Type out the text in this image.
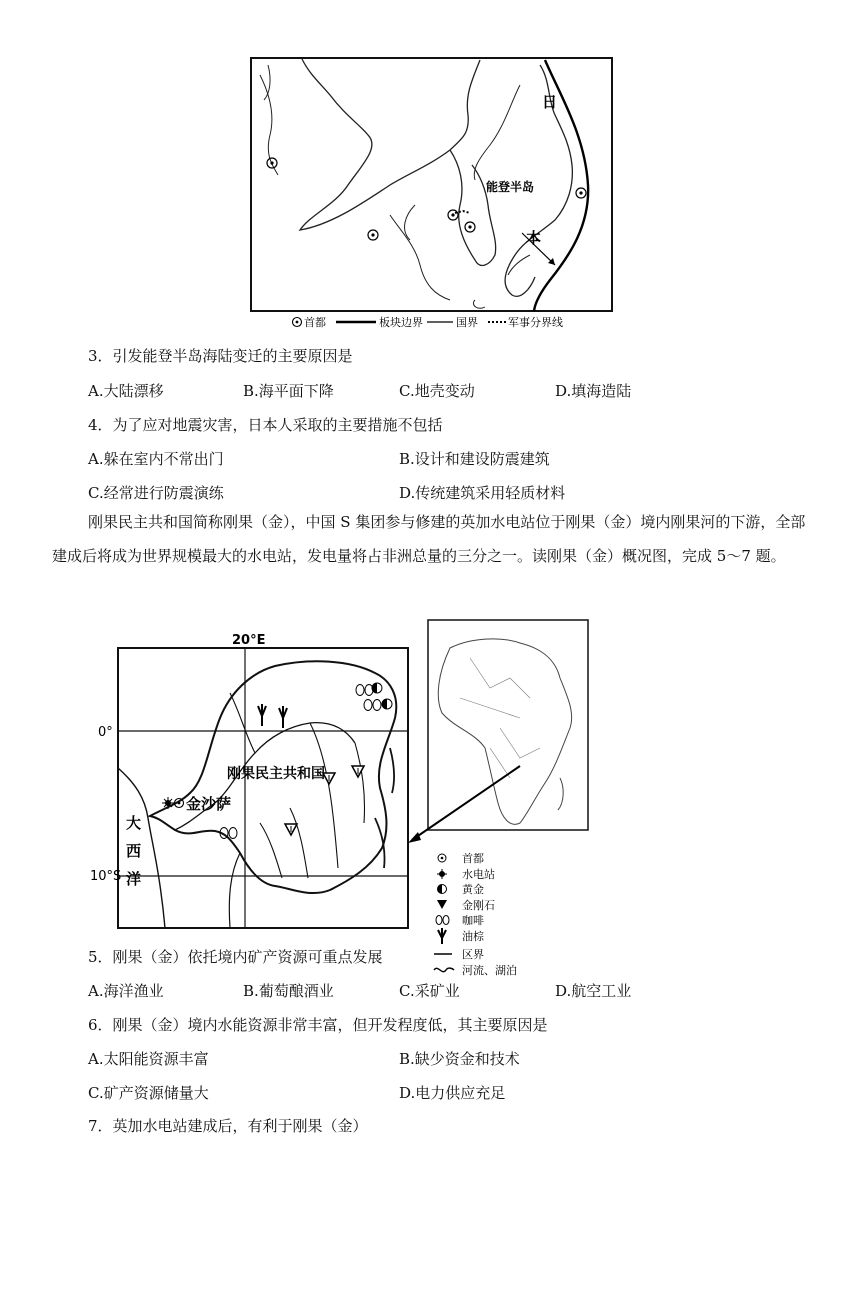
日
能登半岛
本
首都	板块边界	国界	军事分界线
3．引发能登半岛海陆变迁的主要原因是
A.大陆漂移	B.海平面下降	C.地壳变动	D.填海造陆
4．为了应对地震灾害，日本人采取的主要措施不包括
A.躲在室内不常出门	B.设计和建设防震建筑
C.经常进行防震演练	D.传统建筑采用轻质材料
刚果民主共和国简称刚果（金），中国 S 集团参与修建的英加水电站位于刚果（金）境内刚果河的下游，全部建成后将成为世界规模最大的水电站，发电量将占非洲总量的三分之一。读刚果（金）概况图，完成 5～7 题。
20°E
0°
10°S
金沙萨
刚果民主共和国
大
西
洋
首都
水电站
黄金
金刚石
咖啡
油棕
区界
河流、湖泊
5．刚果（金）依托境内矿产资源可重点发展
A.海洋渔业	B.葡萄酿酒业	C.采矿业	D.航空工业
6．刚果（金）境内水能资源非常丰富，但开发程度低，其主要原因是
A.太阳能资源丰富	B.缺少资金和技术
C.矿产资源储量大	D.电力供应充足
7．英加水电站建成后，有利于刚果（金）
